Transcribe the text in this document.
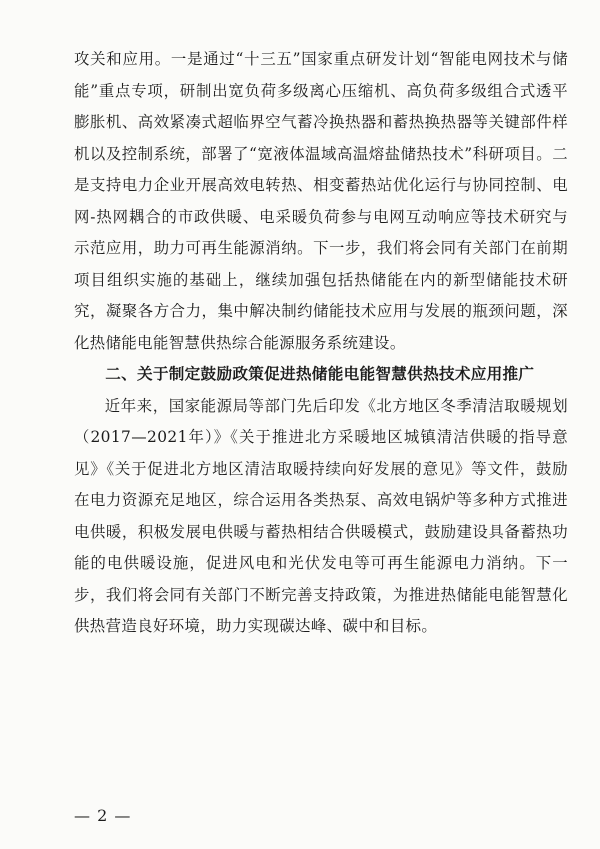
攻关和应用。一是通过“十三五”国家重点研发计划“智能电网技术与储能”重点专项，研制出宽负荷多级离心压缩机、高负荷多级组合式透平膨胀机、高效紧凑式超临界空气蓄冷换热器和蓄热换热器等关键部件样机以及控制系统，部署了“宽液体温域高温熔盐储热技术”科研项目。二是支持电力企业开展高效电转热、相变蓄热站优化运行与协同控制、电网-热网耦合的市政供暖、电采暖负荷参与电网互动响应等技术研究与示范应用，助力可再生能源消纳。下一步，我们将会同有关部门在前期项目组织实施的基础上，继续加强包括热储能在内的新型储能技术研究，凝聚各方合力，集中解决制约储能技术应用与发展的瓶颈问题，深化热储能电能智慧供热综合能源服务系统建设。

二、关于制定鼓励政策促进热储能电能智慧供热技术应用推广

近年来，国家能源局等部门先后印发《北方地区冬季清洁取暖规划（2017—2021年）》《关于推进北方采暖地区城镇清洁供暖的指导意见》《关于促进北方地区清洁取暖持续向好发展的意见》等文件，鼓励在电力资源充足地区，综合运用各类热泵、高效电锅炉等多种方式推进电供暖，积极发展电供暖与蓄热相结合供暖模式，鼓励建设具备蓄热功能的电供暖设施，促进风电和光伏发电等可再生能源电力消纳。下一步，我们将会同有关部门不断完善支持政策，为推进热储能电能智慧化供热营造良好环境，助力实现碳达峰、碳中和目标。

— 2 —
